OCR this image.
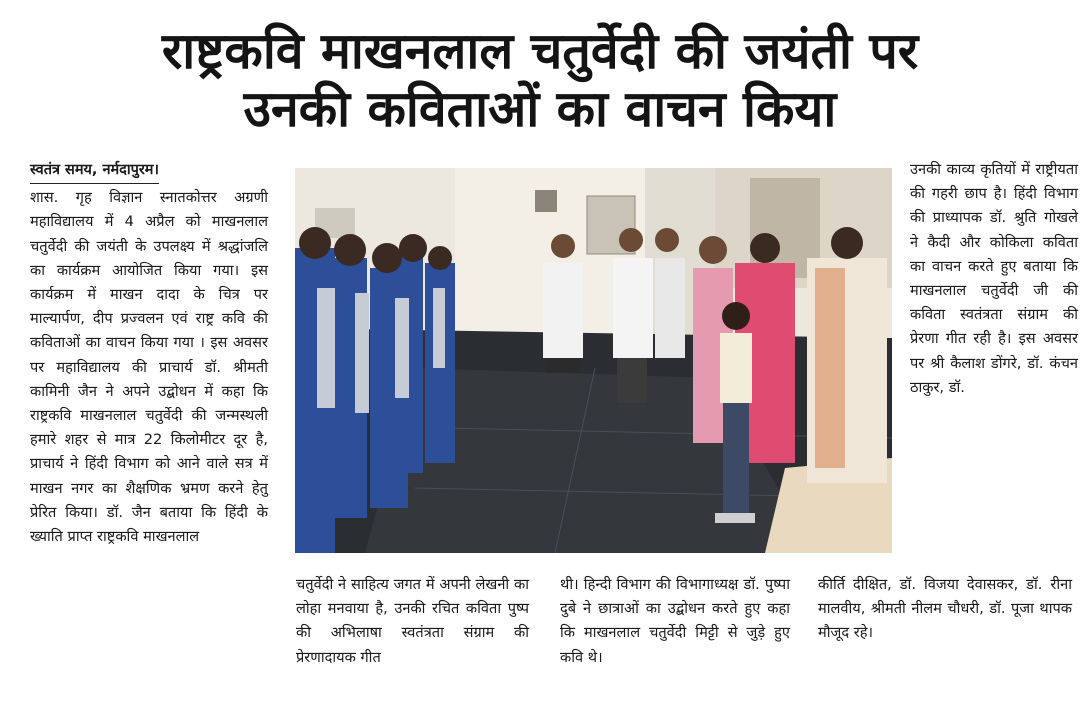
राष्ट्रकवि माखनलाल चतुर्वेदी की जयंती पर
उनकी कविताओं का वाचन किया
स्वतंत्र समय, नर्मदापुरम।
शास. गृह विज्ञान स्नातकोत्तर अग्रणी महाविद्यालय में 4 अप्रैल को माखनलाल चतुर्वेदी की जयंती के उपलक्ष्य में श्रद्धांजलि का कार्यक्रम आयोजित किया गया। इस कार्यक्रम में माखन दादा के चित्र पर माल्यार्पण, दीप प्रज्वलन एवं राष्ट्र कवि की कविताओं का वाचन किया गया । इस अवसर पर महाविद्यालय की प्राचार्य डॉ. श्रीमती कामिनी जैन ने अपने उद्बोधन में कहा कि राष्ट्रकवि माखनलाल चतुर्वेदी की जन्मस्थली हमारे शहर से मात्र 22 किलोमीटर दूर है, प्राचार्य ने हिंदी विभाग को आने वाले सत्र में माखन नगर का शैक्षणिक भ्रमण करने हेतु प्रेरित किया। डॉ. जैन बताया कि हिंदी के ख्याति प्राप्त राष्ट्रकवि माखनलाल
उनकी काव्य कृतियों में राष्ट्रीयता की गहरी छाप है। हिंदी विभाग की प्राध्यापक डॉ. श्रुति गोखले ने कैदी और कोकिला कविता का वाचन करते हुए बताया कि माखनलाल चतुर्वेदी जी की कविता स्वतंत्रता संग्राम की प्रेरणा गीत रही है। इस अवसर पर श्री कैलाश डोंगरे, डॉ. कंचन ठाकुर, डॉ.
चतुर्वेदी ने साहित्य जगत में अपनी लेखनी का लोहा मनवाया है, उनकी रचित कविता पुष्प की अभिलाषा स्वतंत्रता संग्राम की प्रेरणादायक गीत
थी। हिन्दी विभाग की विभागाध्यक्ष डॉ. पुष्पा दुबे ने छात्राओं का उद्बोधन करते हुए कहा कि माखनलाल चतुर्वेदी मिट्टी से जुड़े हुए कवि थे।
कीर्ति दीक्षित, डॉ. विजया देवासकर, डॉ. रीना मालवीय, श्रीमती नीलम चौधरी, डॉ. पूजा थापक मौजूद रहे।
